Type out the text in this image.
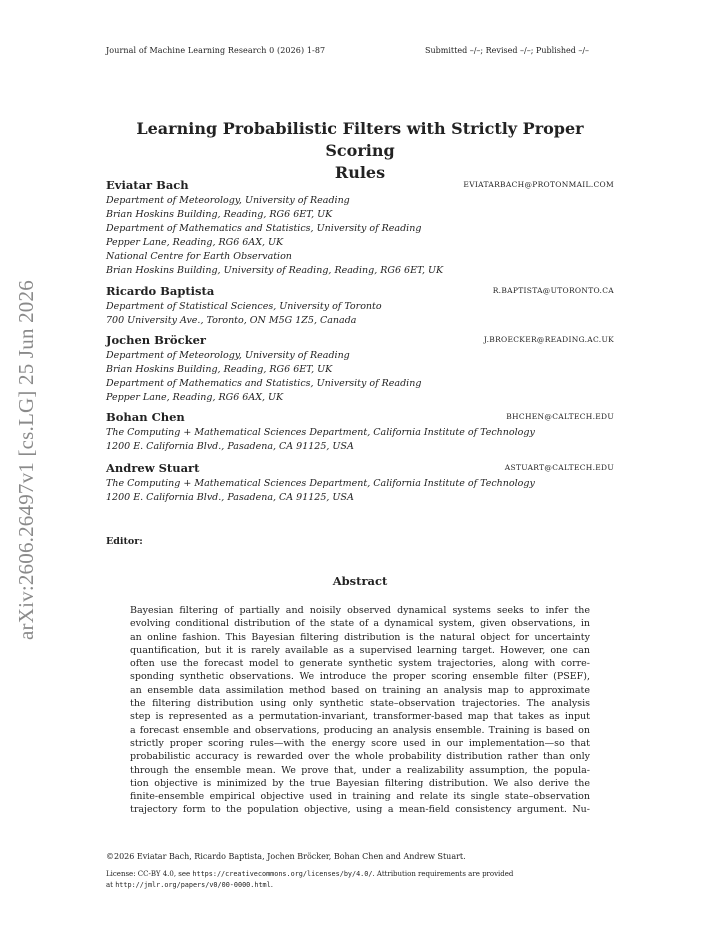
Journal of Machine Learning Research 0 (2026) 1-87	Submitted –/–; Revised –/–; Published –/–
Learning Probabilistic Filters with Strictly Proper Scoring
Rules
Eviatar Bach	EVIATARBACH@PROTONMAIL.COM
Department of Meteorology, University of Reading
Brian Hoskins Building, Reading, RG6 6ET, UK
Department of Mathematics and Statistics, University of Reading
Pepper Lane, Reading, RG6 6AX, UK
National Centre for Earth Observation
Brian Hoskins Building, University of Reading, Reading, RG6 6ET, UK
Ricardo Baptista	R.BAPTISTA@UTORONTO.CA
Department of Statistical Sciences, University of Toronto
700 University Ave., Toronto, ON M5G 1Z5, Canada
Jochen Bröcker	J.BROECKER@READING.AC.UK
Department of Meteorology, University of Reading
Brian Hoskins Building, Reading, RG6 6ET, UK
Department of Mathematics and Statistics, University of Reading
Pepper Lane, Reading, RG6 6AX, UK
Bohan Chen	BHCHEN@CALTECH.EDU
The Computing + Mathematical Sciences Department, California Institute of Technology
1200 E. California Blvd., Pasadena, CA 91125, USA
Andrew Stuart	ASTUART@CALTECH.EDU
The Computing + Mathematical Sciences Department, California Institute of Technology
1200 E. California Blvd., Pasadena, CA 91125, USA
Editor:
Abstract
Bayesian filtering of partially and noisily observed dynamical systems seeks to infer the
evolving conditional distribution of the state of a dynamical system, given observations, in
an online fashion. This Bayesian filtering distribution is the natural object for uncertainty
quantification, but it is rarely available as a supervised learning target. However, one can
often use the forecast model to generate synthetic system trajectories, along with corre-
sponding synthetic observations. We introduce the proper scoring ensemble filter (PSEF),
an ensemble data assimilation method based on training an analysis map to approximate
the filtering distribution using only synthetic state–observation trajectories. The analysis
step is represented as a permutation-invariant, transformer-based map that takes as input
a forecast ensemble and observations, producing an analysis ensemble. Training is based on
strictly proper scoring rules—with the energy score used in our implementation—so that
probabilistic accuracy is rewarded over the whole probability distribution rather than only
through the ensemble mean. We prove that, under a realizability assumption, the popula-
tion objective is minimized by the true Bayesian filtering distribution. We also derive the
finite-ensemble empirical objective used in training and relate its single state–observation
trajectory form to the population objective, using a mean-field consistency argument. Nu-
©2026 Eviatar Bach, Ricardo Baptista, Jochen Bröcker, Bohan Chen and Andrew Stuart.
License: CC-BY 4.0, see https://creativecommons.org/licenses/by/4.0/. Attribution requirements are provided
at http://jmlr.org/papers/v0/00-0000.html.
arXiv:2606.26497v1 [cs.LG] 25 Jun 2026
